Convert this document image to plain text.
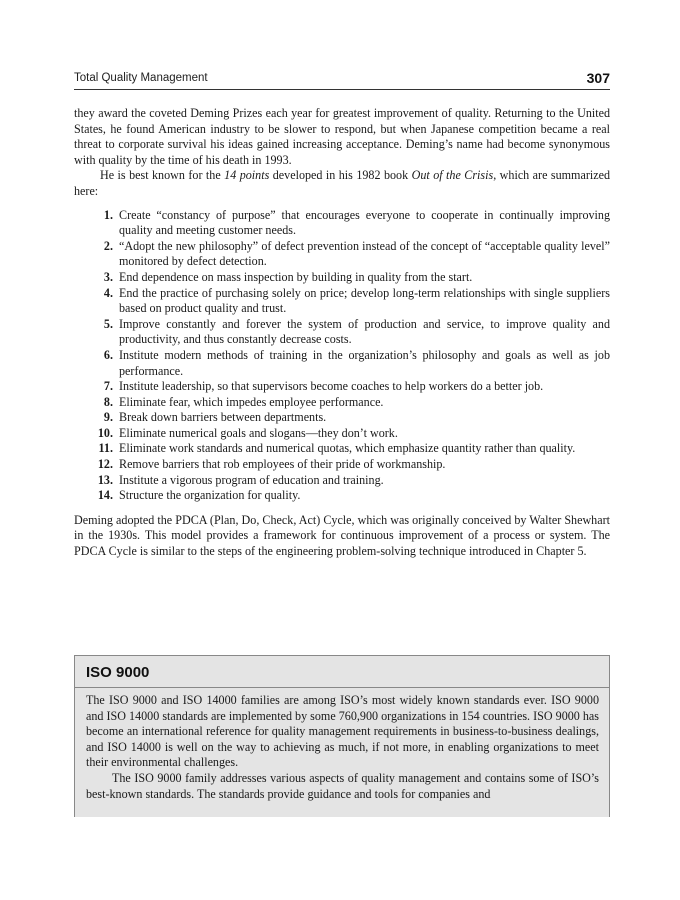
Total Quality Management	307

they award the coveted Deming Prizes each year for greatest improvement of quality. Returning to the United States, he found American industry to be slower to respond, but when Japanese competition became a real threat to corporate survival his ideas gained increasing acceptance. Deming’s name had become synonymous with quality by the time of his death in 1993.

He is best known for the 14 points developed in his 1982 book Out of the Crisis, which are summarized here:

1. Create “constancy of purpose” that encourages everyone to cooperate in continually improving quality and meeting customer needs.
2. “Adopt the new philosophy” of defect prevention instead of the concept of “acceptable quality level” monitored by defect detection.
3. End dependence on mass inspection by building in quality from the start.
4. End the practice of purchasing solely on price; develop long-term relationships with single suppliers based on product quality and trust.
5. Improve constantly and forever the system of production and service, to improve quality and productivity, and thus constantly decrease costs.
6. Institute modern methods of training in the organization’s philosophy and goals as well as job performance.
7. Institute leadership, so that supervisors become coaches to help workers do a better job.
8. Eliminate fear, which impedes employee performance.
9. Break down barriers between departments.
10. Eliminate numerical goals and slogans—they don’t work.
11. Eliminate work standards and numerical quotas, which emphasize quantity rather than quality.
12. Remove barriers that rob employees of their pride of workmanship.
13. Institute a vigorous program of education and training.
14. Structure the organization for quality.

Deming adopted the PDCA (Plan, Do, Check, Act) Cycle, which was originally conceived by Walter Shewhart in the 1930s. This model provides a framework for continuous improvement of a process or system. The PDCA Cycle is similar to the steps of the engineering problem-solving technique introduced in Chapter 5.

ISO 9000

The ISO 9000 and ISO 14000 families are among ISO’s most widely known standards ever. ISO 9000 and ISO 14000 standards are implemented by some 760,900 organizations in 154 countries. ISO 9000 has become an international reference for quality management requirements in business-to-business dealings, and ISO 14000 is well on the way to achieving as much, if not more, in enabling organizations to meet their environmental challenges.

The ISO 9000 family addresses various aspects of quality management and contains some of ISO’s best-known standards. The standards provide guidance and tools for companies and
